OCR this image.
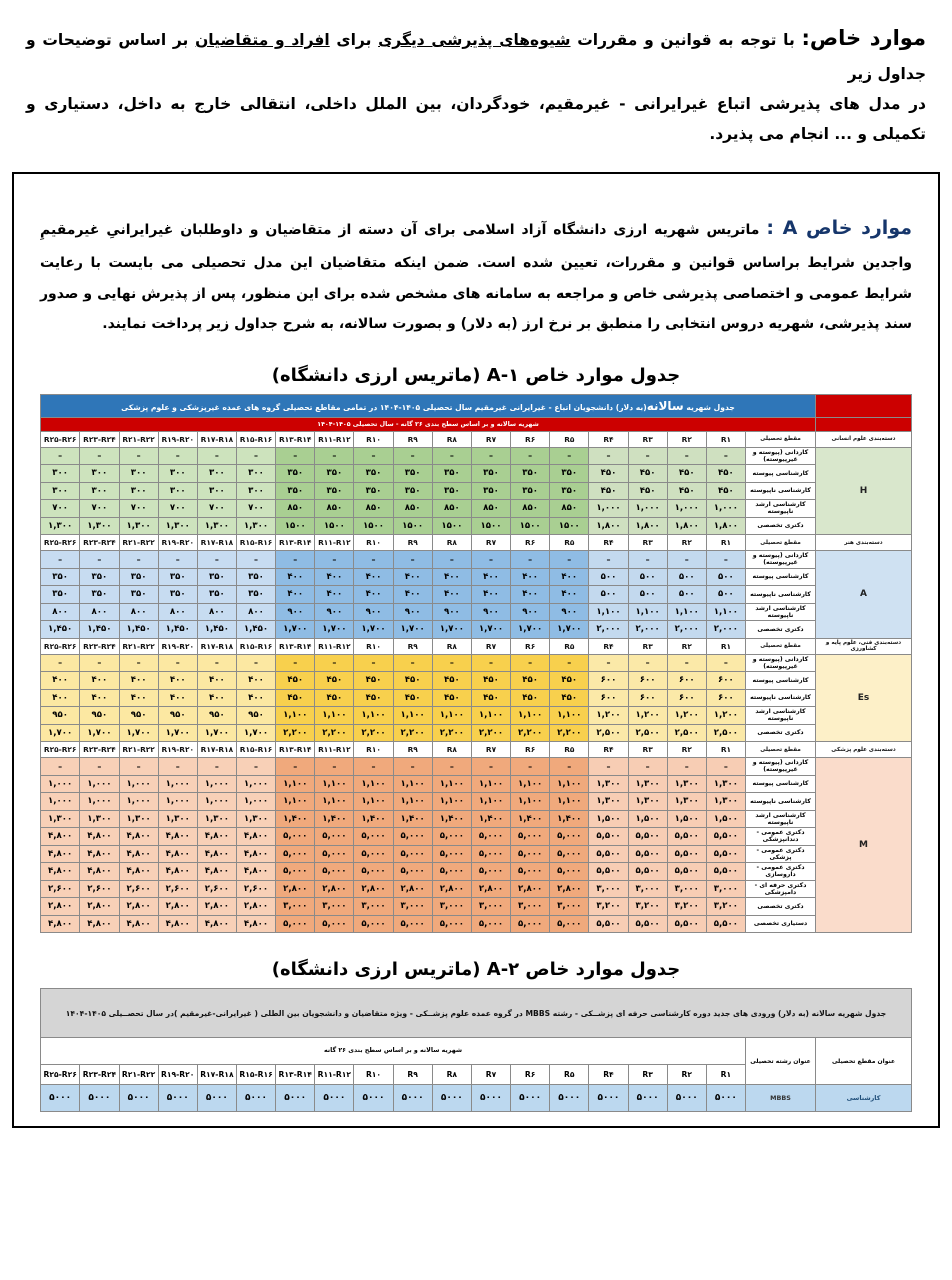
موارد خاص: با توجه به قوانین و مقررات شیوه‌های پذیرشی دیگری برای افراد و متقاضیان بر اساس توضیحات و جداول زیر
در مدل های پذیرشی اتباع غیرایرانی - غیرمقیم، خودگردان، بین الملل داخلی، انتقالی خارج به داخل، دستیاری و تکمیلی و ... انجام می پذیرد.
موارد خاص A : ماتریس شهریه ارزی دانشگاه آزاد اسلامی برای آن دسته از متقاضیان و داوطلبان غیرایرانیِ غیرمقیمِ واجدین شرایط براساس قوانین و مقررات، تعیین شده است. ضمن اینکه متقاضیان این مدل تحصیلی می بایست با رعایت شرایط عمومی و اختصاصی پذیرشی خاص و مراجعه به سامانه های مشخص شده برای این منظور، پس از پذیرش نهایی و صدور سند پذیرشی، شهریه دروس انتخابی را منطبق بر نرخ ارز (به دلار) و بصورت سالانه، به شرح جداول زیر پرداخت نمایند.
جدول موارد خاص A-۱ (ماتریس ارزی دانشگاه)
	جدول شهریه سالانه(به دلار) دانشجویان اتباع - غیرایرانی غیرمقیم سال تحصیلی ۱۴۰۵-۱۴۰۴ در تمامی مقاطع تحصیلی گروه های عمده غیرپزشکی و علوم پزشکی																		
	شهریه سالانه و بر اساس سطح بندی ۲۶ گانه - سال تحصیلی ۱۴۰۵-۱۴۰۴																		
دسته‌بندی علوم انسانی	مقطع تحصیلی	R۱	R۲	R۳	R۴	R۵	R۶	R۷	R۸	R۹	R۱۰	R۱۱-R۱۲	R۱۳-R۱۴	R۱۵-R۱۶	R۱۷-R۱۸	R۱۹-R۲۰	R۲۱-R۲۲	R۲۳-R۲۴	R۲۵-R۲۶
H	کاردانی (پیوسته و غیرپیوسته)	–	–	–	–	–	–	–	–	–	–	–	–	–	–	–	–	–	–
	کارشناسی پیوسته	۴۵۰	۴۵۰	۴۵۰	۴۵۰	۳۵۰	۳۵۰	۳۵۰	۳۵۰	۳۵۰	۳۵۰	۳۵۰	۳۵۰	۳۰۰	۳۰۰	۳۰۰	۳۰۰	۳۰۰	۳۰۰
	کارشناسی ناپیوسته	۴۵۰	۴۵۰	۴۵۰	۴۵۰	۳۵۰	۳۵۰	۳۵۰	۳۵۰	۳۵۰	۳۵۰	۳۵۰	۳۵۰	۳۰۰	۳۰۰	۳۰۰	۳۰۰	۳۰۰	۳۰۰
	کارشناسی ارشد ناپیوسته	۱,۰۰۰	۱,۰۰۰	۱,۰۰۰	۱,۰۰۰	۸۵۰	۸۵۰	۸۵۰	۸۵۰	۸۵۰	۸۵۰	۸۵۰	۸۵۰	۷۰۰	۷۰۰	۷۰۰	۷۰۰	۷۰۰	۷۰۰
	دکتری تخصصی	۱,۸۰۰	۱,۸۰۰	۱,۸۰۰	۱,۸۰۰	۱۵۰۰	۱۵۰۰	۱۵۰۰	۱۵۰۰	۱۵۰۰	۱۵۰۰	۱۵۰۰	۱۵۰۰	۱,۳۰۰	۱,۳۰۰	۱,۳۰۰	۱,۳۰۰	۱,۳۰۰	۱,۳۰۰
دسته‌بندی هنر	مقطع تحصیلی	R۱	R۲	R۳	R۴	R۵	R۶	R۷	R۸	R۹	R۱۰	R۱۱-R۱۲	R۱۳-R۱۴	R۱۵-R۱۶	R۱۷-R۱۸	R۱۹-R۲۰	R۲۱-R۲۲	R۲۳-R۲۴	R۲۵-R۲۶
A	کاردانی (پیوسته و غیرپیوسته)	–	–	–	–	–	–	–	–	–	–	–	–	–	–	–	–	–	–
	کارشناسی پیوسته	۵۰۰	۵۰۰	۵۰۰	۵۰۰	۴۰۰	۴۰۰	۴۰۰	۴۰۰	۴۰۰	۴۰۰	۴۰۰	۴۰۰	۳۵۰	۳۵۰	۳۵۰	۳۵۰	۳۵۰	۳۵۰
	کارشناسی ناپیوسته	۵۰۰	۵۰۰	۵۰۰	۵۰۰	۴۰۰	۴۰۰	۴۰۰	۴۰۰	۴۰۰	۴۰۰	۴۰۰	۴۰۰	۳۵۰	۳۵۰	۳۵۰	۳۵۰	۳۵۰	۳۵۰
	کارشناسی ارشد ناپیوسته	۱,۱۰۰	۱,۱۰۰	۱,۱۰۰	۱,۱۰۰	۹۰۰	۹۰۰	۹۰۰	۹۰۰	۹۰۰	۹۰۰	۹۰۰	۹۰۰	۸۰۰	۸۰۰	۸۰۰	۸۰۰	۸۰۰	۸۰۰
	دکتری تخصصی	۲,۰۰۰	۲,۰۰۰	۲,۰۰۰	۲,۰۰۰	۱,۷۰۰	۱,۷۰۰	۱,۷۰۰	۱,۷۰۰	۱,۷۰۰	۱,۷۰۰	۱,۷۰۰	۱,۷۰۰	۱,۴۵۰	۱,۴۵۰	۱,۴۵۰	۱,۴۵۰	۱,۴۵۰	۱,۴۵۰
دسته‌بندی فنی، علوم پایه و کشاورزی	مقطع تحصیلی	R۱	R۲	R۳	R۴	R۵	R۶	R۷	R۸	R۹	R۱۰	R۱۱-R۱۲	R۱۳-R۱۴	R۱۵-R۱۶	R۱۷-R۱۸	R۱۹-R۲۰	R۲۱-R۲۲	R۲۳-R۲۴	R۲۵-R۲۶
Es	کاردانی (پیوسته و غیرپیوسته)	–	–	–	–	–	–	–	–	–	–	–	–	–	–	–	–	–	–
	کارشناسی پیوسته	۶۰۰	۶۰۰	۶۰۰	۶۰۰	۴۵۰	۴۵۰	۴۵۰	۴۵۰	۴۵۰	۴۵۰	۴۵۰	۴۵۰	۴۰۰	۴۰۰	۴۰۰	۴۰۰	۴۰۰	۴۰۰
	کارشناسی ناپیوسته	۶۰۰	۶۰۰	۶۰۰	۶۰۰	۴۵۰	۴۵۰	۴۵۰	۴۵۰	۴۵۰	۴۵۰	۴۵۰	۴۵۰	۴۰۰	۴۰۰	۴۰۰	۴۰۰	۴۰۰	۴۰۰
	کارشناسی ارشد ناپیوسته	۱,۲۰۰	۱,۲۰۰	۱,۲۰۰	۱,۲۰۰	۱,۱۰۰	۱,۱۰۰	۱,۱۰۰	۱,۱۰۰	۱,۱۰۰	۱,۱۰۰	۱,۱۰۰	۱,۱۰۰	۹۵۰	۹۵۰	۹۵۰	۹۵۰	۹۵۰	۹۵۰
	دکتری تخصصی	۲,۵۰۰	۲,۵۰۰	۲,۵۰۰	۲,۵۰۰	۲,۲۰۰	۲,۲۰۰	۲,۲۰۰	۲,۲۰۰	۲,۲۰۰	۲,۲۰۰	۲,۲۰۰	۲,۲۰۰	۱,۷۰۰	۱,۷۰۰	۱,۷۰۰	۱,۷۰۰	۱,۷۰۰	۱,۷۰۰
دسته‌بندی علوم پزشکی	مقطع تحصیلی	R۱	R۲	R۳	R۴	R۵	R۶	R۷	R۸	R۹	R۱۰	R۱۱-R۱۲	R۱۳-R۱۴	R۱۵-R۱۶	R۱۷-R۱۸	R۱۹-R۲۰	R۲۱-R۲۲	R۲۳-R۲۴	R۲۵-R۲۶
M	کاردانی (پیوسته و غیرپیوسته)	–	–	–	–	–	–	–	–	–	–	–	–	–	–	–	–	–	–
	کارشناسی پیوسته	۱,۳۰۰	۱,۳۰۰	۱,۳۰۰	۱,۳۰۰	۱,۱۰۰	۱,۱۰۰	۱,۱۰۰	۱,۱۰۰	۱,۱۰۰	۱,۱۰۰	۱,۱۰۰	۱,۱۰۰	۱,۰۰۰	۱,۰۰۰	۱,۰۰۰	۱,۰۰۰	۱,۰۰۰	۱,۰۰۰
	کارشناسی ناپیوسته	۱,۳۰۰	۱,۳۰۰	۱,۳۰۰	۱,۳۰۰	۱,۱۰۰	۱,۱۰۰	۱,۱۰۰	۱,۱۰۰	۱,۱۰۰	۱,۱۰۰	۱,۱۰۰	۱,۱۰۰	۱,۰۰۰	۱,۰۰۰	۱,۰۰۰	۱,۰۰۰	۱,۰۰۰	۱,۰۰۰
	کارشناسی ارشد ناپیوسته	۱,۵۰۰	۱,۵۰۰	۱,۵۰۰	۱,۵۰۰	۱,۴۰۰	۱,۴۰۰	۱,۴۰۰	۱,۴۰۰	۱,۴۰۰	۱,۴۰۰	۱,۴۰۰	۱,۴۰۰	۱,۳۰۰	۱,۳۰۰	۱,۳۰۰	۱,۳۰۰	۱,۳۰۰	۱,۳۰۰
	دکتری عمومی - دندانپزشکی	۵,۵۰۰	۵,۵۰۰	۵,۵۰۰	۵,۵۰۰	۵,۰۰۰	۵,۰۰۰	۵,۰۰۰	۵,۰۰۰	۵,۰۰۰	۵,۰۰۰	۵,۰۰۰	۵,۰۰۰	۴,۸۰۰	۴,۸۰۰	۴,۸۰۰	۴,۸۰۰	۴,۸۰۰	۴,۸۰۰
	دکتری عمومی - پزشکی	۵,۵۰۰	۵,۵۰۰	۵,۵۰۰	۵,۵۰۰	۵,۰۰۰	۵,۰۰۰	۵,۰۰۰	۵,۰۰۰	۵,۰۰۰	۵,۰۰۰	۵,۰۰۰	۵,۰۰۰	۴,۸۰۰	۴,۸۰۰	۴,۸۰۰	۴,۸۰۰	۴,۸۰۰	۴,۸۰۰
	دکتری عمومی - داروسازی	۵,۵۰۰	۵,۵۰۰	۵,۵۰۰	۵,۵۰۰	۵,۰۰۰	۵,۰۰۰	۵,۰۰۰	۵,۰۰۰	۵,۰۰۰	۵,۰۰۰	۵,۰۰۰	۵,۰۰۰	۴,۸۰۰	۴,۸۰۰	۴,۸۰۰	۴,۸۰۰	۴,۸۰۰	۴,۸۰۰
	دکتری حرفه ای - دامپزشکی	۳,۰۰۰	۳,۰۰۰	۳,۰۰۰	۳,۰۰۰	۲,۸۰۰	۲,۸۰۰	۲,۸۰۰	۲,۸۰۰	۲,۸۰۰	۲,۸۰۰	۲,۸۰۰	۲,۸۰۰	۲,۶۰۰	۲,۶۰۰	۲,۶۰۰	۲,۶۰۰	۲,۶۰۰	۲,۶۰۰
	دکتری تخصصی	۳,۲۰۰	۳,۲۰۰	۳,۲۰۰	۳,۲۰۰	۳,۰۰۰	۳,۰۰۰	۳,۰۰۰	۳,۰۰۰	۳,۰۰۰	۳,۰۰۰	۳,۰۰۰	۳,۰۰۰	۲,۸۰۰	۲,۸۰۰	۲,۸۰۰	۲,۸۰۰	۲,۸۰۰	۲,۸۰۰
	دستیاری تخصصی	۵,۵۰۰	۵,۵۰۰	۵,۵۰۰	۵,۵۰۰	۵,۰۰۰	۵,۰۰۰	۵,۰۰۰	۵,۰۰۰	۵,۰۰۰	۵,۰۰۰	۵,۰۰۰	۵,۰۰۰	۴,۸۰۰	۴,۸۰۰	۴,۸۰۰	۴,۸۰۰	۴,۸۰۰	۴,۸۰۰
جدول موارد خاص A-۲ (ماتریس ارزی دانشگاه)
جدول شهریه سالانه (به دلار) ورودی های جدید دوره کارشناسی حرفه ای پزشــکی - رشته MBBS در گروه عمده علوم پزشــکی - ویژه متقاضیان و دانشجویان بین الطلی ( غیرایرانی-غیرمقیم )در سال تحصــیلی ۱۴۰۵-۱۴۰۴																			
عنوان مقطع تحصیلی	عنوان رشته تحصیلی	شهریه سالانه و بر اساس سطح بندی ۲۶ گانه																	
		R۱	R۲	R۳	R۴	R۵	R۶	R۷	R۸	R۹	R۱۰	R۱۱-R۱۲	R۱۳-R۱۴	R۱۵-R۱۶	R۱۷-R۱۸	R۱۹-R۲۰	R۲۱-R۲۲	R۲۳-R۲۴	R۲۵-R۲۶
کارشناسی	MBBS	۵۰۰۰	۵۰۰۰	۵۰۰۰	۵۰۰۰	۵۰۰۰	۵۰۰۰	۵۰۰۰	۵۰۰۰	۵۰۰۰	۵۰۰۰	۵۰۰۰	۵۰۰۰	۵۰۰۰	۵۰۰۰	۵۰۰۰	۵۰۰۰	۵۰۰۰	۵۰۰۰
